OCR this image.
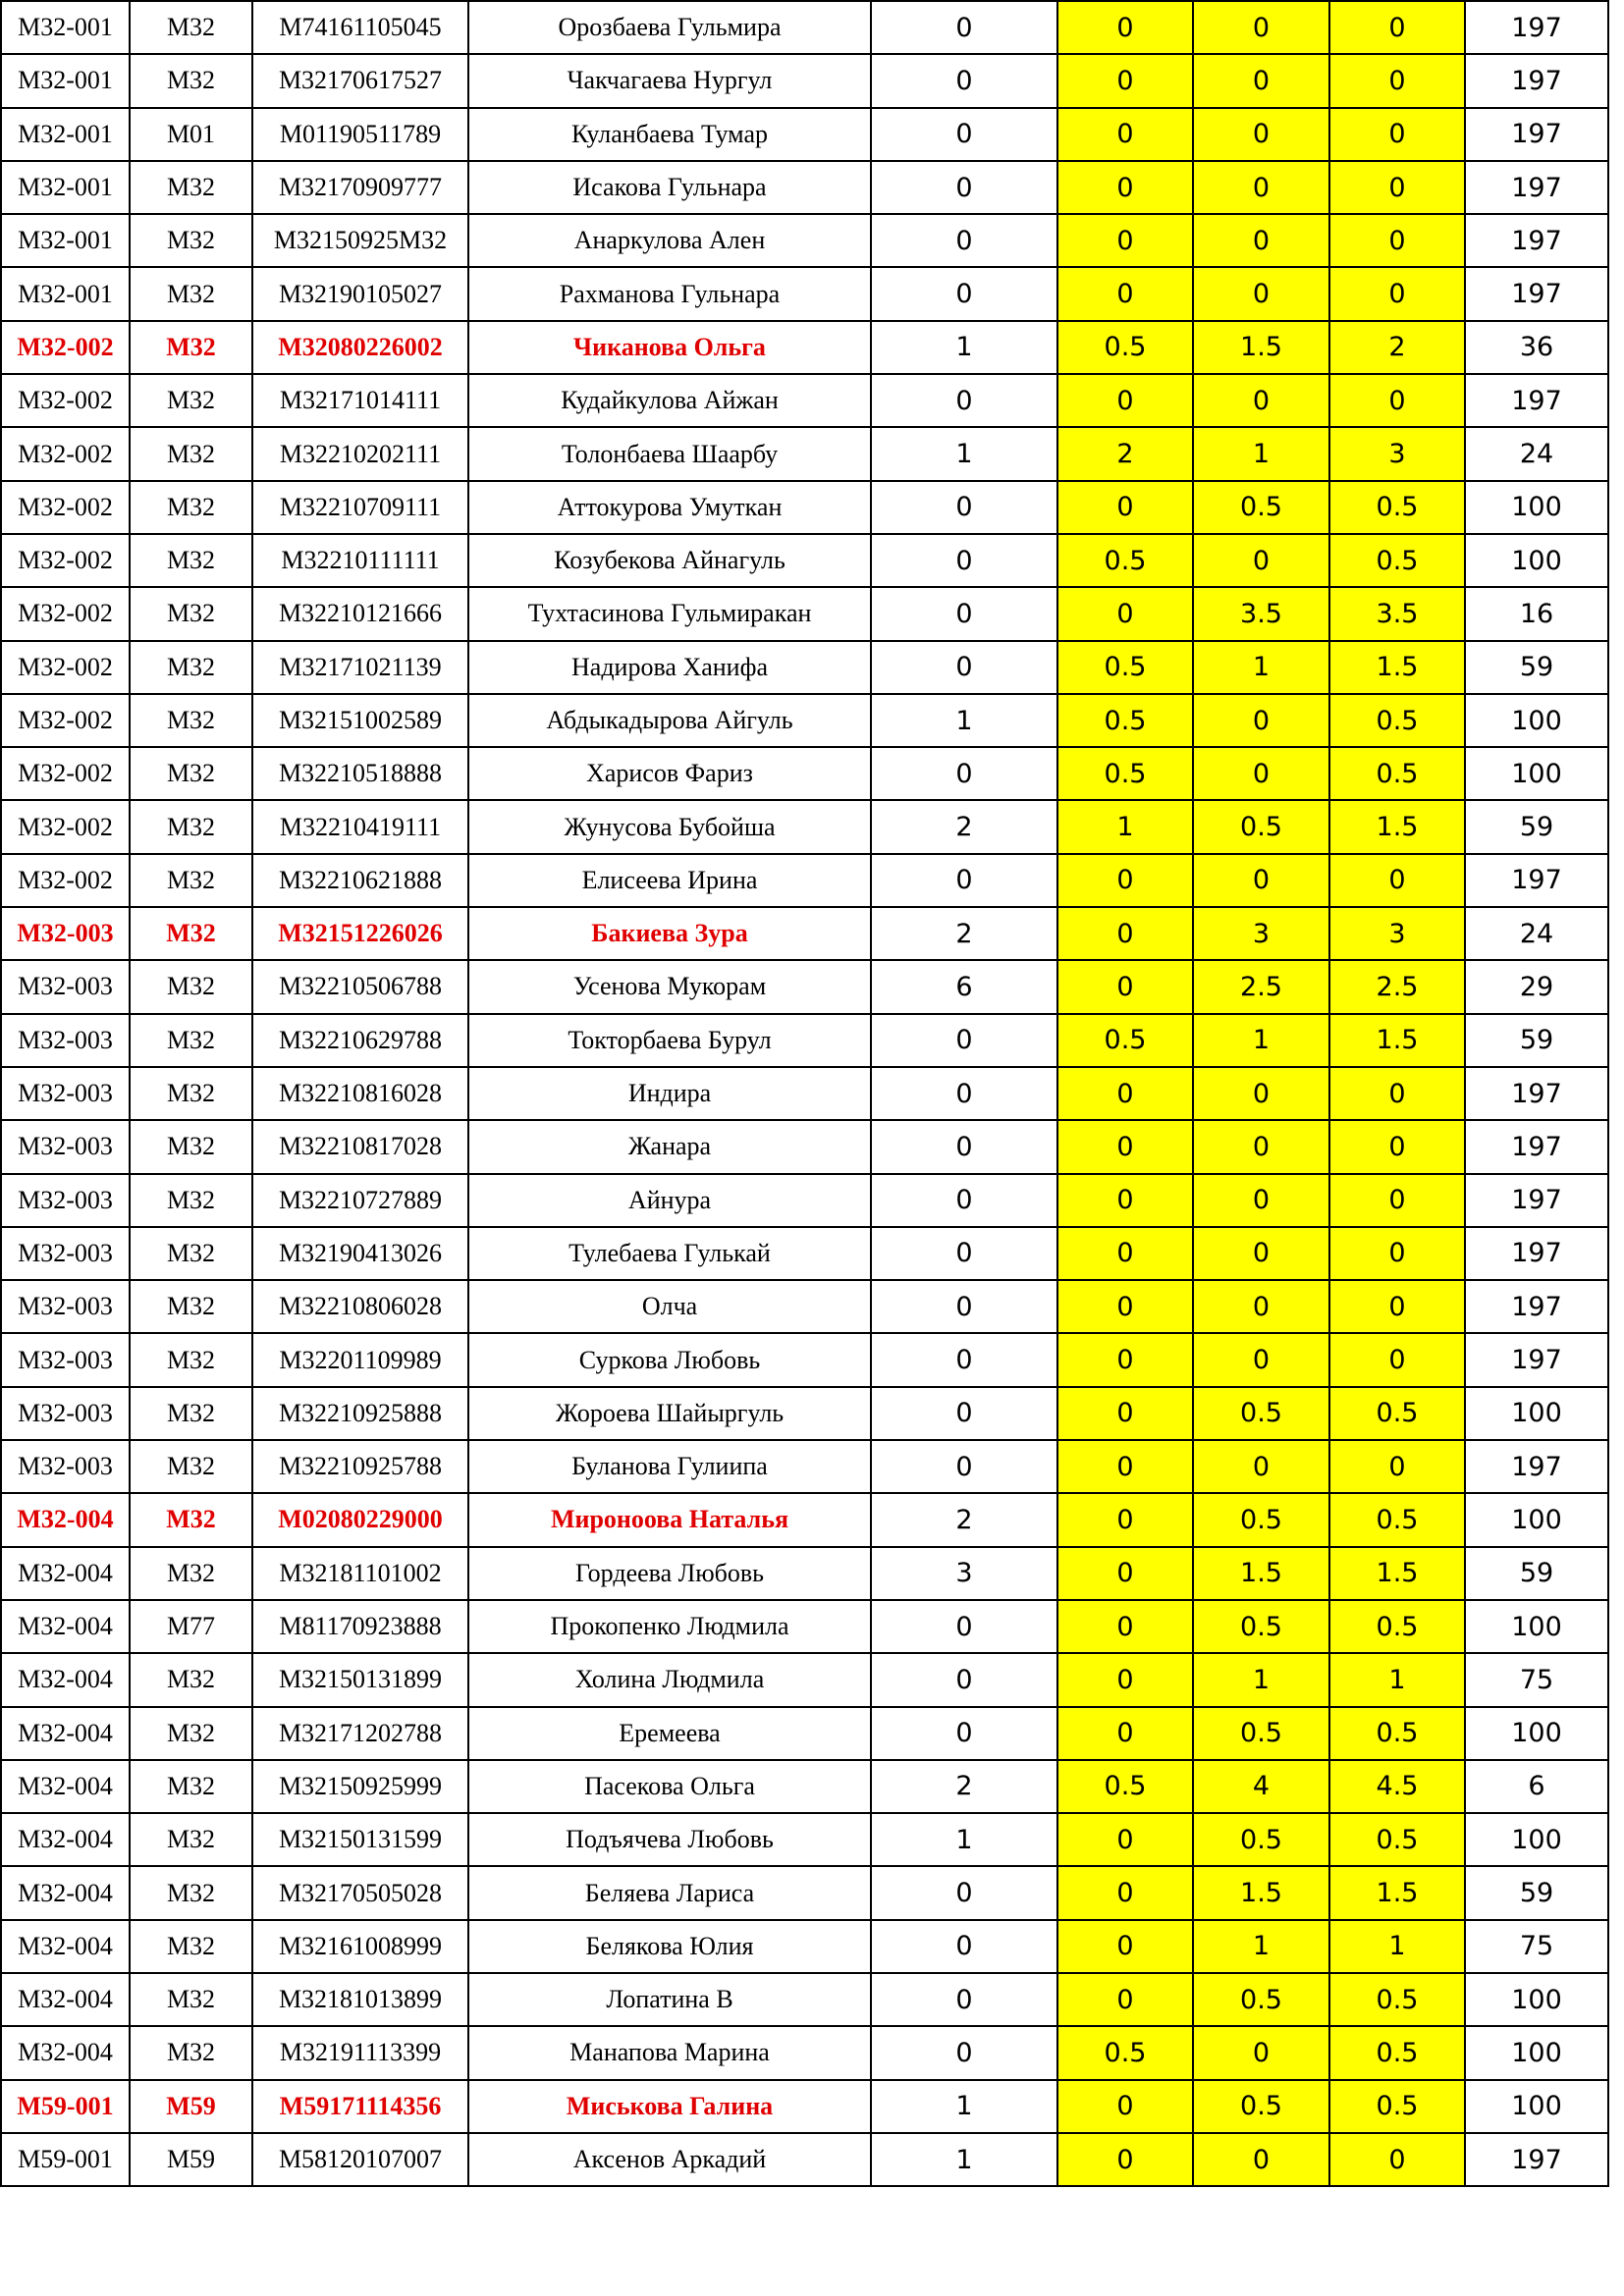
М32-001	М32	М74161105045	Орозбаева Гульмира	0	0	0	0	197
М32-001	М32	М32170617527	Чакчагаева Нургул	0	0	0	0	197
М32-001	М01	М01190511789	Куланбаева Тумар	0	0	0	0	197
М32-001	М32	М32170909777	Исакова Гульнара	0	0	0	0	197
М32-001	М32	М32150925М32	Анаркулова Ален	0	0	0	0	197
М32-001	М32	М32190105027	Рахманова Гульнара	0	0	0	0	197
М32-002	М32	М32080226002	Чиканова Ольга	1	0.5	1.5	2	36
М32-002	М32	М32171014111	Кудайкулова Айжан	0	0	0	0	197
М32-002	М32	М32210202111	Толонбаева Шаарбу	1	2	1	3	24
М32-002	М32	М32210709111	Аттокурова Умуткан	0	0	0.5	0.5	100
М32-002	М32	М32210111111	Козубекова Айнагуль	0	0.5	0	0.5	100
М32-002	М32	М32210121666	Тухтасинова Гульмиракан	0	0	3.5	3.5	16
М32-002	М32	М32171021139	Надирова Ханифа	0	0.5	1	1.5	59
М32-002	М32	М32151002589	Абдыкадырова Айгуль	1	0.5	0	0.5	100
М32-002	М32	М32210518888	Харисов Фариз	0	0.5	0	0.5	100
М32-002	М32	М32210419111	Жунусова Бубойша	2	1	0.5	1.5	59
М32-002	М32	М32210621888	Елисеева Ирина	0	0	0	0	197
М32-003	М32	М32151226026	Бакиева Зура	2	0	3	3	24
М32-003	М32	М32210506788	Усенова Мукорам	6	0	2.5	2.5	29
М32-003	М32	М32210629788	Токторбаева Бурул	0	0.5	1	1.5	59
М32-003	М32	М32210816028	Индира	0	0	0	0	197
М32-003	М32	М32210817028	Жанара	0	0	0	0	197
М32-003	М32	М32210727889	Айнура	0	0	0	0	197
М32-003	М32	М32190413026	Тулебаева Гулькай	0	0	0	0	197
М32-003	М32	М32210806028	Олча	0	0	0	0	197
М32-003	М32	М32201109989	Суркова Любовь	0	0	0	0	197
М32-003	М32	М32210925888	Жороева Шайыргуль	0	0	0.5	0.5	100
М32-003	М32	М32210925788	Буланова Гулиипа	0	0	0	0	197
М32-004	М32	М02080229000	Мироноова Наталья	2	0	0.5	0.5	100
М32-004	М32	М32181101002	Гордеева Любовь	3	0	1.5	1.5	59
М32-004	М77	М81170923888	Прокопенко Людмила	0	0	0.5	0.5	100
М32-004	М32	М32150131899	Холина Людмила	0	0	1	1	75
М32-004	М32	М32171202788	Еремеева	0	0	0.5	0.5	100
М32-004	М32	М32150925999	Пасекова Ольга	2	0.5	4	4.5	6
М32-004	М32	М32150131599	Подъячева Любовь	1	0	0.5	0.5	100
М32-004	М32	М32170505028	Беляева Лариса	0	0	1.5	1.5	59
М32-004	М32	М32161008999	Белякова Юлия	0	0	1	1	75
М32-004	М32	М32181013899	Лопатина В	0	0	0.5	0.5	100
М32-004	М32	М32191113399	Манапова Марина	0	0.5	0	0.5	100
М59-001	М59	М59171114356	Миськова Галина	1	0	0.5	0.5	100
М59-001	М59	М58120107007	Аксенов Аркадий	1	0	0	0	197
